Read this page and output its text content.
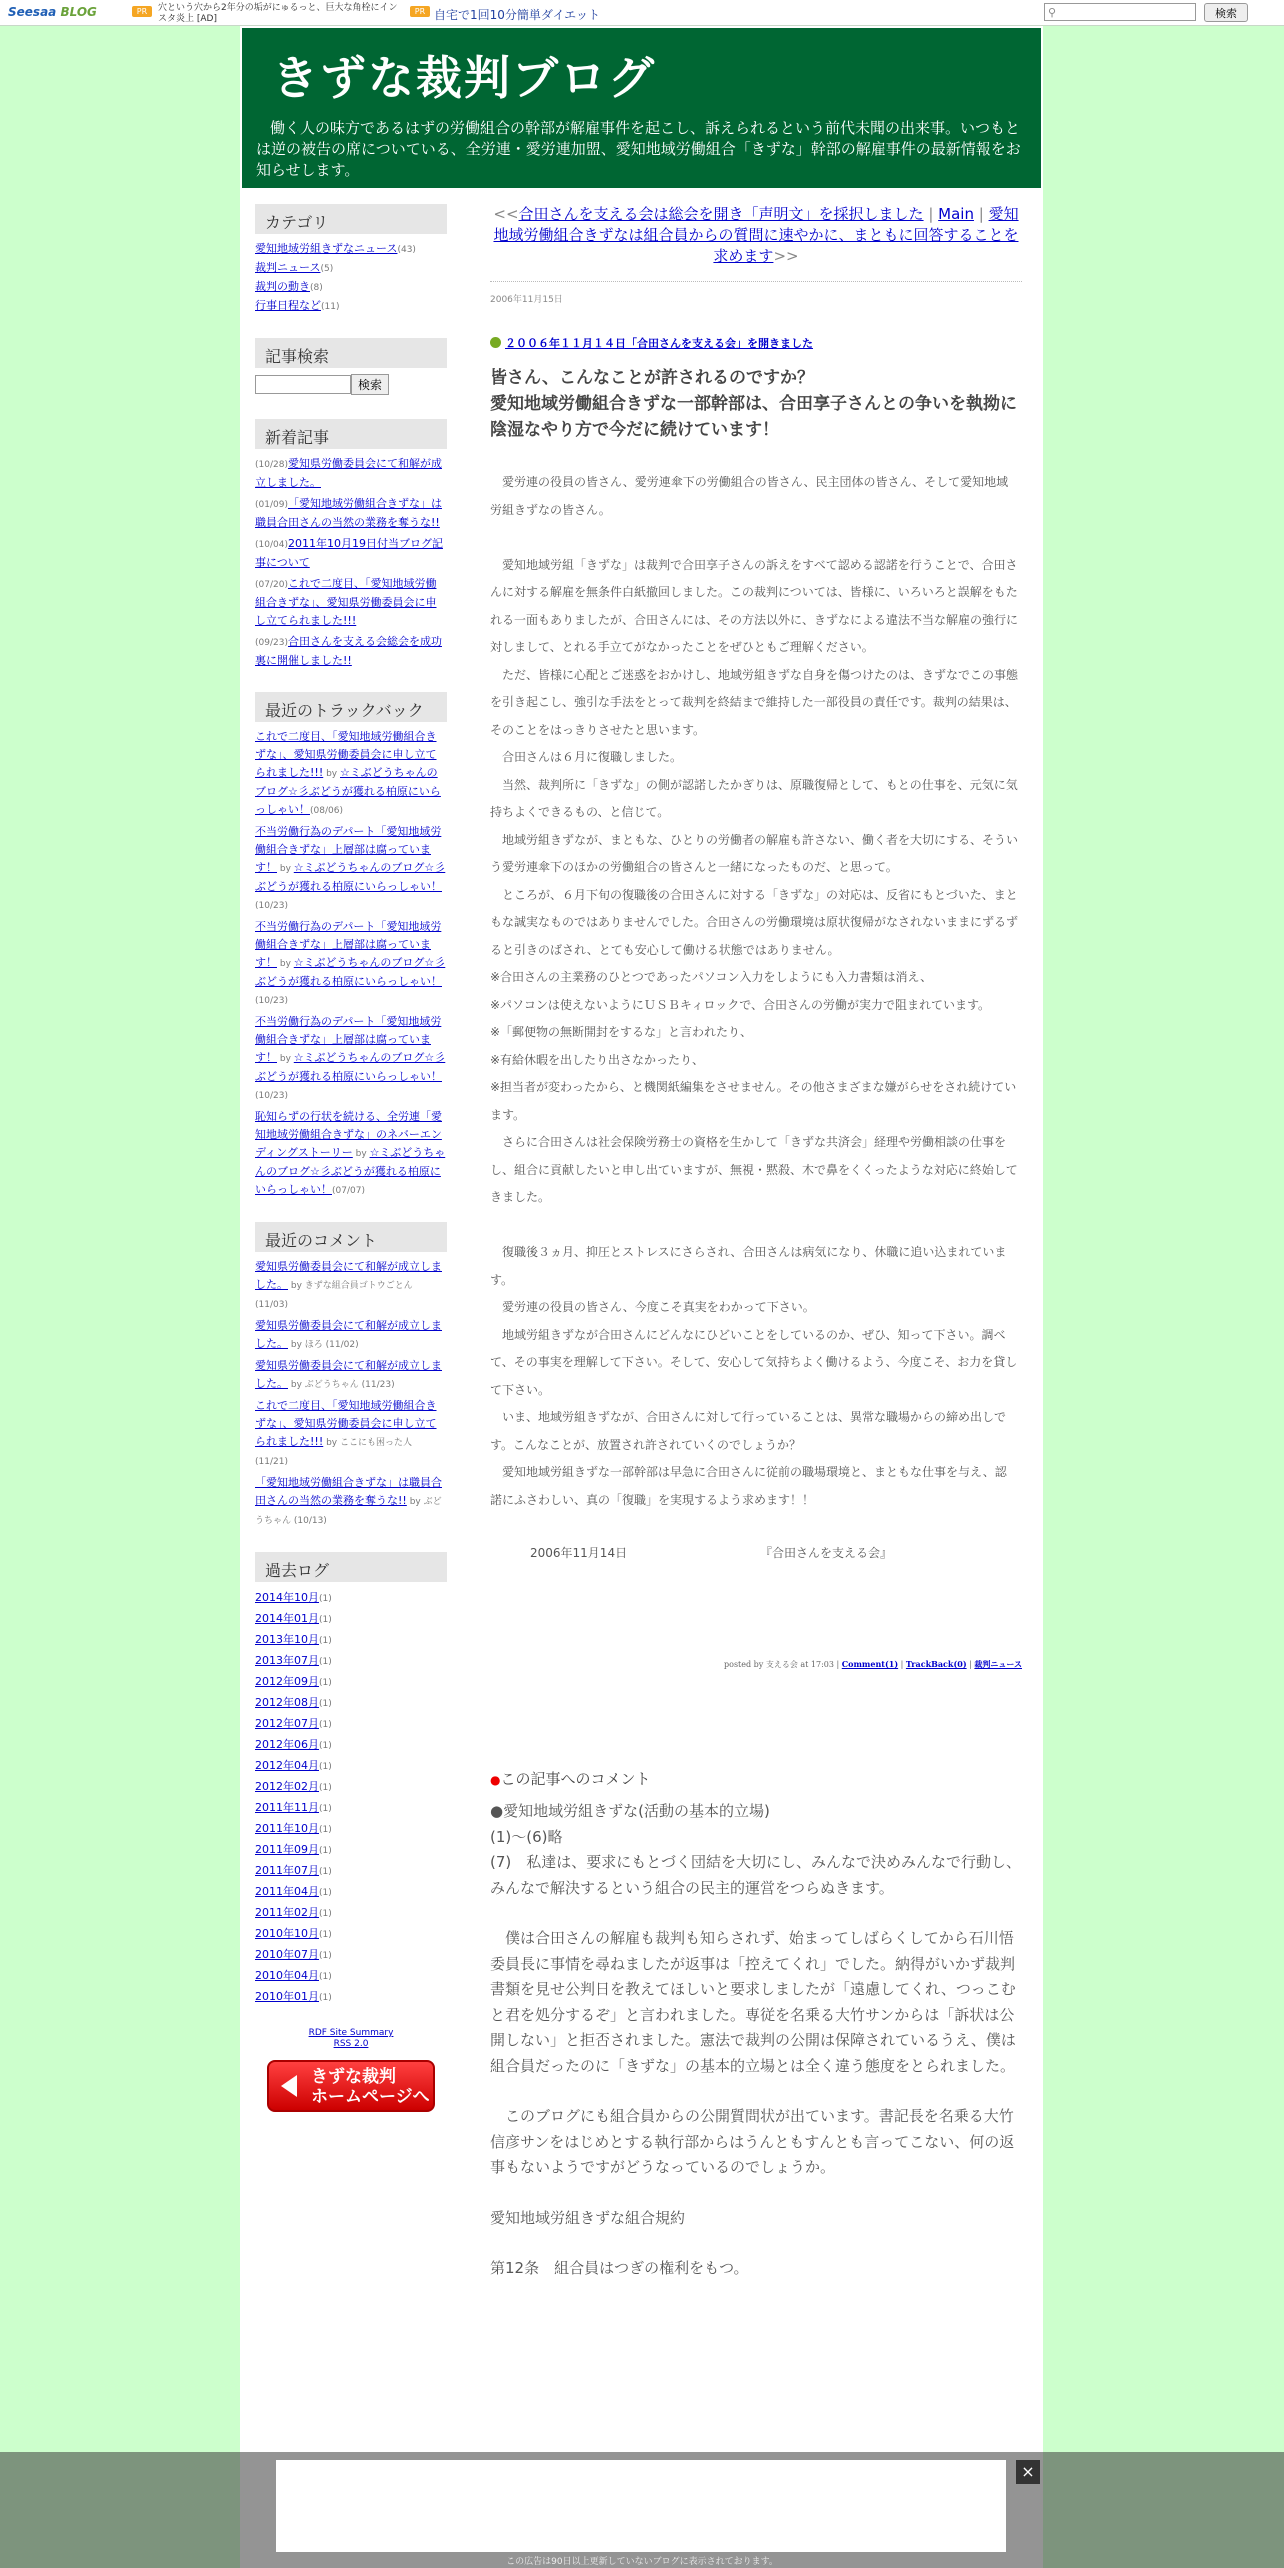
Seesaa BLOG	PR	穴という穴から2年分の垢がにゅるっと、巨大な角栓にインスタ炎上 [AD]
PR 自宅で1回10分簡単ダイエット	⚲	検索
きずな裁判ブログ
働く人の味方であるはずの労働組合の幹部が解雇事件を起こし、訴えられるという前代未聞の出来事。いつもとは逆の被告の席についている、全労連・愛労連加盟、愛知地域労働組合「きずな」幹部の解雇事件の最新情報をお知らせします。
カテゴリ
愛知地域労組きずなニュース(43)
裁判ニュース(5)
裁判の動き(8)
行事日程など(11)
記事検索
検索
新着記事
(10/28)愛知県労働委員会にて和解が成立しました。
(01/09)「愛知地域労働組合きずな」は職員合田さんの当然の業務を奪うな!!
(10/04)2011年10月19日付当ブログ記事について
(07/20)これで二度目、「愛知地域労働組合きずな」、愛知県労働委員会に申し立てられました!!!
(09/23)合田さんを支える会総会を成功裏に開催しました!!
最近のトラックバック
これで二度目、「愛知地域労働組合きずな」、愛知県労働委員会に申し立てられました!!! by ☆ミぶどうちゃんのブログ☆彡ぶどうが獲れる柏原にいらっしゃい！(08/06)
不当労働行為のデパート「愛知地域労働組合きずな」上層部は腐っています！ by ☆ミぶどうちゃんのブログ☆彡ぶどうが獲れる柏原にいらっしゃい！(10/23)
不当労働行為のデパート「愛知地域労働組合きずな」上層部は腐っています！ by ☆ミぶどうちゃんのブログ☆彡ぶどうが獲れる柏原にいらっしゃい！(10/23)
不当労働行為のデパート「愛知地域労働組合きずな」上層部は腐っています！ by ☆ミぶどうちゃんのブログ☆彡ぶどうが獲れる柏原にいらっしゃい！(10/23)
恥知らずの行状を続ける、全労連「愛知地域労働組合きずな」のネバーエンディングストーリー by ☆ミぶどうちゃんのブログ☆彡ぶどうが獲れる柏原にいらっしゃい！(07/07)
最近のコメント
愛知県労働委員会にて和解が成立しました。 by きずな組合員ゴトウごとん (11/03)
愛知県労働委員会にて和解が成立しました。 by ほろ (11/02)
愛知県労働委員会にて和解が成立しました。 by ぶどうちゃん (11/23)
これで二度目、「愛知地域労働組合きずな」、愛知県労働委員会に申し立てられました!!! by ここにも困った人 (11/21)
「愛知地域労働組合きずな」は職員合田さんの当然の業務を奪うな!! by ぶどうちゃん (10/13)
過去ログ
2014年10月(1)
2014年01月(1)
2013年10月(1)
2013年07月(1)
2012年09月(1)
2012年08月(1)
2012年07月(1)
2012年06月(1)
2012年04月(1)
2012年02月(1)
2011年11月(1)
2011年10月(1)
2011年09月(1)
2011年07月(1)
2011年04月(1)
2011年02月(1)
2010年10月(1)
2010年07月(1)
2010年04月(1)
2010年01月(1)
RDF Site Summary
RSS 2.0
きずな裁判
ホームページへ
<<合田さんを支える会は総会を開き「声明文」を採択しました | Main | 愛知地域労働組合きずなは組合員からの質問に速やかに、まともに回答することを求めます>>
2006年11月15日
２００６年１１月１４日「合田さんを支える会」を開きました
皆さん、こんなことが許されるのですか？
愛知地域労働組合きずな一部幹部は、合田享子さんとの争いを執拗に陰湿なやり方で今だに続けています！

　愛労連の役員の皆さん、愛労連傘下の労働組合の皆さん、民主団体の皆さん、そして愛知地域労組きずなの皆さん。

　愛知地域労組「きずな」は裁判で合田享子さんの訴えをすべて認める認諾を行うことで、合田さんに対する解雇を無条件白紙撤回しました。この裁判については、皆様に、いろいろと誤解をもたれる一面もありましたが、合田さんには、その方法以外に、きずなによる違法不当な解雇の強行に対しまして、とれる手立てがなかったことをぜひともご理解ください。

　ただ、皆様に心配とご迷惑をおかけし、地域労組きずな自身を傷つけたのは、きずなでこの事態を引き起こし、強引な手法をとって裁判を終結まで維持した一部役員の責任です。裁判の結果は、そのことをはっきりさせたと思います。

　合田さんは６月に復職しました。

　当然、裁判所に「きずな」の側が認諾したかぎりは、原職復帰として、もとの仕事を、元気に気持ちよくできるもの、と信じて。

　地域労組きずなが、まともな、ひとりの労働者の解雇も許さない、働く者を大切にする、そういう愛労連傘下のほかの労働組合の皆さんと一緒になったものだ、と思って。

　ところが、６月下旬の復職後の合田さんに対する「きずな」の対応は、反省にもとづいた、まともな誠実なものではありませんでした。合田さんの労働環境は原状復帰がなされないままにずるずると引きのばされ、とても安心して働ける状態ではありません。

※合田さんの主業務のひとつであったパソコン入力をしようにも入力書類は消え、

※パソコンは使えないようにＵＳＢキィロックで、合田さんの労働が実力で阻まれています。

※「郵便物の無断開封をするな」と言われたり、

※有給休暇を出したり出さなかったり、

※担当者が変わったから、と機関紙編集をさせません。その他さまざまな嫌がらせをされ続けています。

　さらに合田さんは社会保険労務士の資格を生かして「きずな共済会」経理や労働相談の仕事をし、組合に貢献したいと申し出ていますが、無視・黙殺、木で鼻をくくったような対応に終始してきました。

　復職後３ヵ月、抑圧とストレスにさらされ、合田さんは病気になり、休職に追い込まれています。

　愛労連の役員の皆さん、今度こそ真実をわかって下さい。

　地域労組きずなが合田さんにどんなにひどいことをしているのか、ぜひ、知って下さい。調べて、その事実を理解して下さい。そして、安心して気持ちよく働けるよう、今度こそ、お力を貸して下さい。

　いま、地域労組きずなが、合田さんに対して行っていることは、異常な職場からの締め出しです。こんなことが、放置され許されていくのでしょうか？

　愛知地域労組きずな一部幹部は早急に合田さんに従前の職場環境と、まともな仕事を与え、認諾にふさわしい、真の「復職」を実現するよう求めます！！

2006年11月14日	『合田さんを支える会』
posted by 支える会 at 17:03 | Comment(1) | TrackBack(0) | 裁判ニュース
●この記事へのコメント

●愛知地域労組きずな(活動の基本的立場)

(1)～(6)略

(7)　私達は、要求にもとづく団結を大切にし、みんなで決めみんなで行動し、みんなで解決するという組合の民主的運営をつらぬきます。

　僕は合田さんの解雇も裁判も知らされず、始まってしばらくしてから石川悟委員長に事情を尋ねましたが返事は「控えてくれ」でした。納得がいかず裁判書類を見せ公判日を教えてほしいと要求しましたが「遠慮してくれ、つっこむと君を処分するぞ」と言われました。専従を名乗る大竹サンからは「訴状は公開しない」と拒否されました。憲法で裁判の公開は保障されているうえ、僕は組合員だったのに「きずな」の基本的立場とは全く違う態度をとられました。

　このブログにも組合員からの公開質問状が出ています。書記長を名乗る大竹信彦サンをはじめとする執行部からはうんともすんとも言ってこない、何の返事もないようですがどうなっているのでしょうか。

愛知地域労組きずな組合規約

第12条　組合員はつぎの権利をもつ。

×
この広告は90日以上更新していないブログに表示されております。
